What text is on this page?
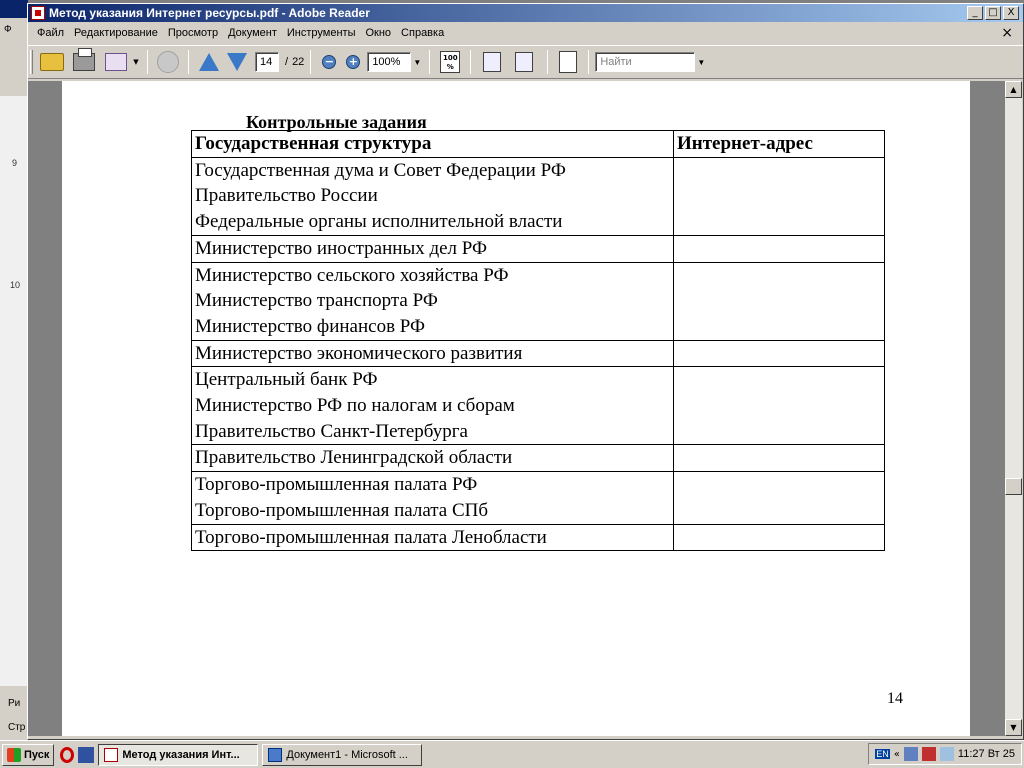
Ф
9
10
Ри
Стр
Метод указания Интернет ресурсы.pdf - Adobe Reader	_	□ X
Файл Редактирование Просмотр Документ Инструменты Окно Справка	×
▼	14	/ 22 − +	100%	▼	100 %	Найти	▼
Контрольные задания
Государственная структура	Интернет-адрес

Государственная дума и Совет Федерации РФ
Правительство России
Федеральные органы исполнительной власти	

Министерство иностранных дел РФ	

Министерство сельского хозяйства РФ
Министерство транспорта РФ
Министерство финансов РФ	

Министерство экономического развития	

Центральный банк РФ
Министерство РФ по налогам и сборам
Правительство Санкт-Петербурга	

Правительство Ленинградской области	

Торгово-промышленная палата РФ
Торгово-промышленная палата СПб	

Торгово-промышленная палата Ленобласти	

14
▲
▼
Пуск	Метод указания Инт...	Документ1 - Microsoft ...	EN «	11:27 Вт 25
